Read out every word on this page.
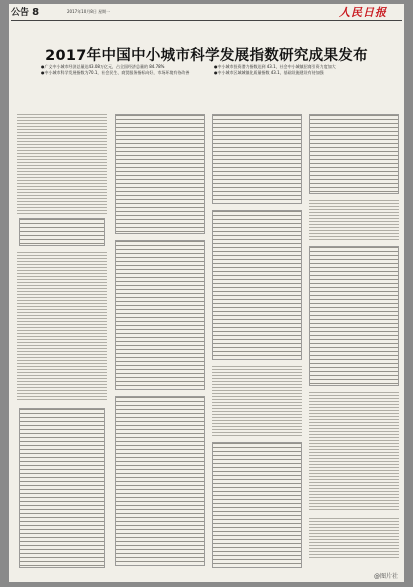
公告 8	2017年10月8日 星期一	人民日报
2017年中国中小城市科学发展指数研究成果发布
●广义中小城市经济总量达43.08万亿元，占全国经济总量的 84.78%
●中小城市科学发展指数为70.1，社会民生、商贸服务指标向好，市场环境有待改善
●中小城市投资潜力指数达到 43.1，社会中小城镇招商引资力度加大
●中小城市区域城镇化质量指数 43.1，基础设施建设有待加强
@图片社
